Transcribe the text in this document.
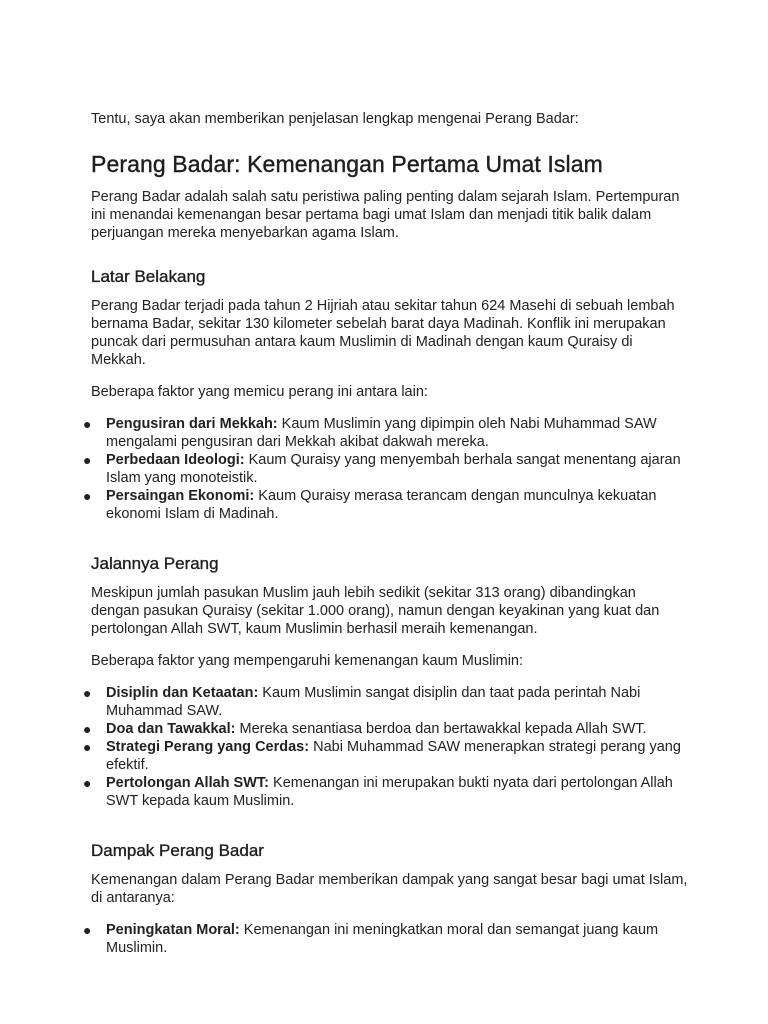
Tentu, saya akan memberikan penjelasan lengkap mengenai Perang Badar:

Perang Badar: Kemenangan Pertama Umat Islam

Perang Badar adalah salah satu peristiwa paling penting dalam sejarah Islam. Pertempuran ini menandai kemenangan besar pertama bagi umat Islam dan menjadi titik balik dalam perjuangan mereka menyebarkan agama Islam.

Latar Belakang

Perang Badar terjadi pada tahun 2 Hijriah atau sekitar tahun 624 Masehi di sebuah lembah bernama Badar, sekitar 130 kilometer sebelah barat daya Madinah. Konflik ini merupakan puncak dari permusuhan antara kaum Muslimin di Madinah dengan kaum Quraisy di Mekkah.

Beberapa faktor yang memicu perang ini antara lain:

● Pengusiran dari Mekkah: Kaum Muslimin yang dipimpin oleh Nabi Muhammad SAW mengalami pengusiran dari Mekkah akibat dakwah mereka.
● Perbedaan Ideologi: Kaum Quraisy yang menyembah berhala sangat menentang ajaran Islam yang monoteistik.
● Persaingan Ekonomi: Kaum Quraisy merasa terancam dengan munculnya kekuatan ekonomi Islam di Madinah.
Jalannya Perang

Meskipun jumlah pasukan Muslim jauh lebih sedikit (sekitar 313 orang) dibandingkan dengan pasukan Quraisy (sekitar 1.000 orang), namun dengan keyakinan yang kuat dan pertolongan Allah SWT, kaum Muslimin berhasil meraih kemenangan.

Beberapa faktor yang mempengaruhi kemenangan kaum Muslimin:

● Disiplin dan Ketaatan: Kaum Muslimin sangat disiplin dan taat pada perintah Nabi Muhammad SAW.
● Doa dan Tawakkal: Mereka senantiasa berdoa dan bertawakkal kepada Allah SWT.
● Strategi Perang yang Cerdas: Nabi Muhammad SAW menerapkan strategi perang yang efektif.
● Pertolongan Allah SWT: Kemenangan ini merupakan bukti nyata dari pertolongan Allah SWT kepada kaum Muslimin.
Dampak Perang Badar

Kemenangan dalam Perang Badar memberikan dampak yang sangat besar bagi umat Islam, di antaranya:

● Peningkatan Moral: Kemenangan ini meningkatkan moral dan semangat juang kaum Muslimin.
